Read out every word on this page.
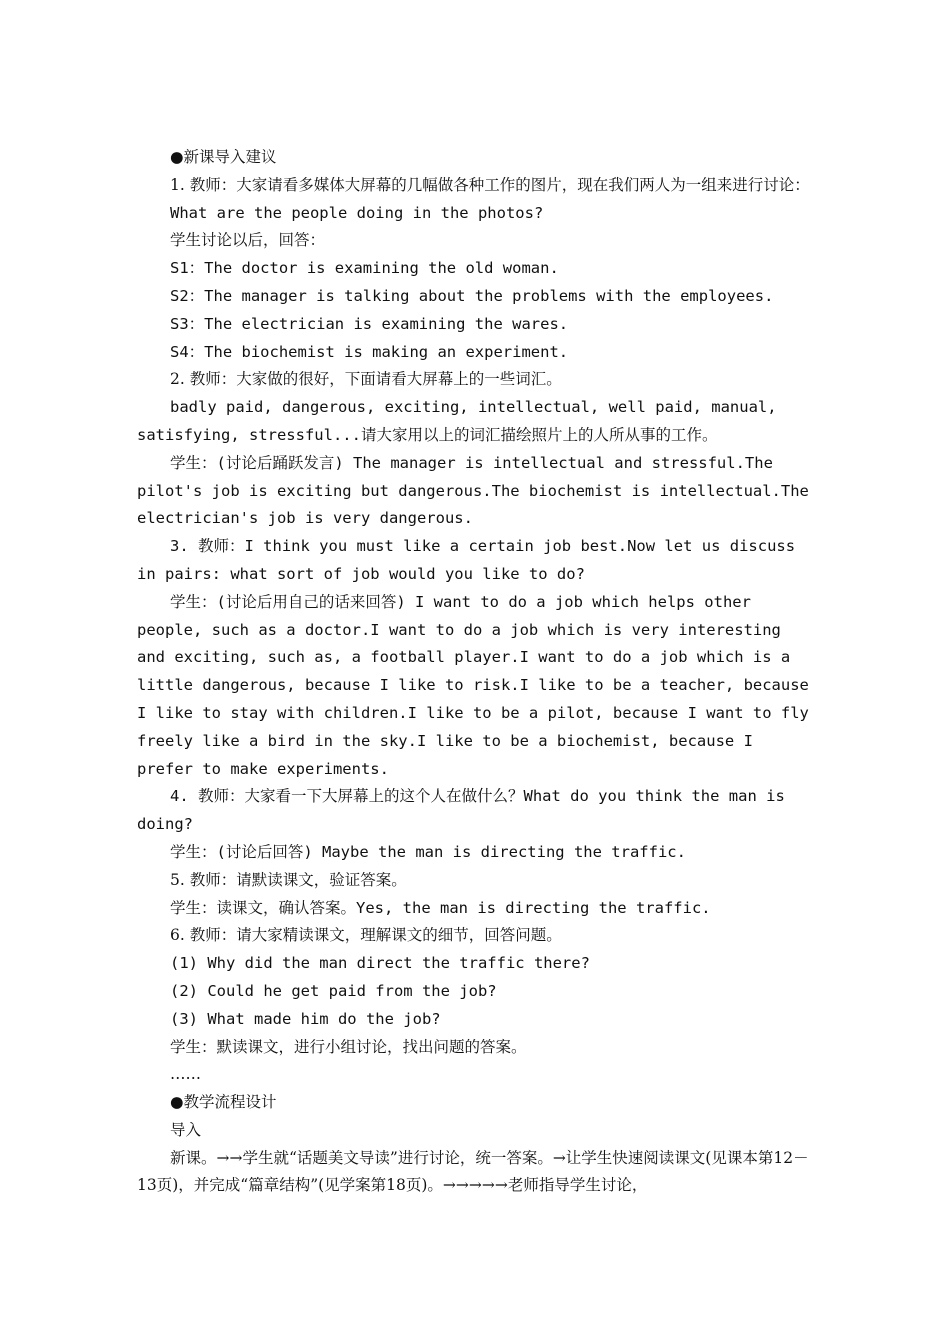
●新课导入建议

1. 教师：大家请看多媒体大屏幕的几幅做各种工作的图片，现在我们两人为一组来进行讨论：

What are the people doing in the photos?

学生讨论以后，回答：

S1：The doctor is examining the old woman.

S2：The manager is talking about the problems with the employees.

S3：The electrician is examining the wares.

S4：The biochemist is making an experiment.

2. 教师：大家做的很好，下面请看大屏幕上的一些词汇。

badly paid, dangerous, exciting, intellectual, well paid, manual, satisfying, stressful...请大家用以上的词汇描绘照片上的人所从事的工作。

学生：(讨论后踊跃发言) The manager is intellectual and stressful.The pilot's job is exciting but dangerous.The biochemist is intellectual.The electrician's job is very dangerous.

3. 教师：I think you must like a certain job best.Now let us discuss in pairs: what sort of job would you like to do?

学生：(讨论后用自己的话来回答) I want to do a job which helps other people, such as a doctor.I want to do a job which is very interesting and exciting, such as, a football player.I want to do a job which is a little dangerous, because I like to risk.I like to be a teacher, because I like to stay with children.I like to be a pilot, because I want to fly freely like a bird in the sky.I like to be a biochemist, because I prefer to make experiments.

4. 教师：大家看一下大屏幕上的这个人在做什么？What do you think the man is doing?

学生：(讨论后回答) Maybe the man is directing the traffic.

5. 教师：请默读课文，验证答案。

学生：读课文，确认答案。Yes, the man is directing the traffic.

6. 教师：请大家精读课文，理解课文的细节，回答问题。

(1) Why did the man direct the traffic there?

(2) Could he get paid from the job?

(3) What made him do the job?

学生：默读课文，进行小组讨论，找出问题的答案。

……

●教学流程设计

导入

新课。→→学生就“话题美文导读”进行讨论，统一答案。→让学生快速阅读课文(见课本第12－13页)，并完成“篇章结构”(见学案第18页)。→→→→→老师指导学生讨论，
